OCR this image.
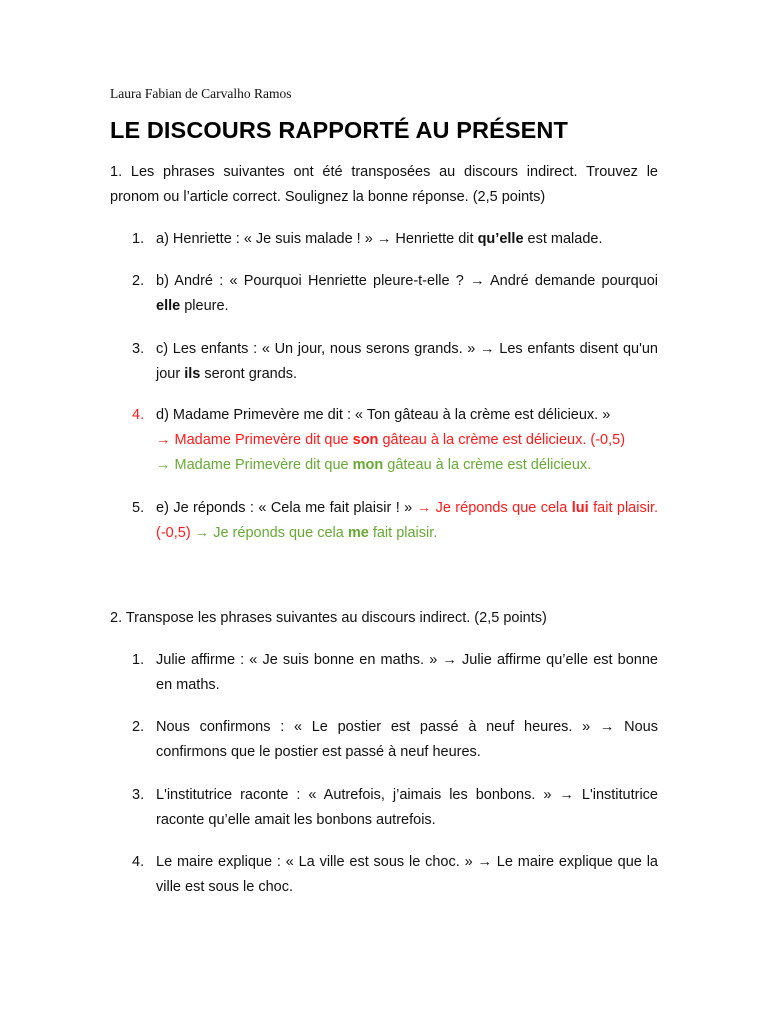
Laura Fabian de Carvalho Ramos
LE DISCOURS RAPPORTÉ AU PRÉSENT

1. Les phrases suivantes ont été transposées au discours indirect. Trouvez le pronom ou l’article correct. Soulignez la bonne réponse. (2,5 points)

1. a) Henriette : « Je suis malade ! » → Henriette dit qu’elle est malade.
2. b) André : « Pourquoi Henriette pleure-t-elle ? → André demande pourquoi elle pleure.
3. c) Les enfants : « Un jour, nous serons grands. » → Les enfants disent qu'un jour ils seront grands.
4. d) Madame Primevère me dit : « Ton gâteau à la crème est délicieux. »
→ Madame Primevère dit que son gâteau à la crème est délicieux. (-0,5)
→ Madame Primevère dit que mon gâteau à la crème est délicieux.
5. e) Je réponds : « Cela me fait plaisir ! » → Je réponds que cela lui fait plaisir. (-0,5) → Je réponds que cela me fait plaisir.

2. Transpose les phrases suivantes au discours indirect. (2,5 points)

1. Julie affirme : « Je suis bonne en maths. » → Julie affirme qu’elle est bonne en maths.
2. Nous confirmons : « Le postier est passé à neuf heures. » → Nous confirmons que le postier est passé à neuf heures.
3. L'institutrice raconte : « Autrefois, j’aimais les bonbons. » → L'institutrice raconte qu’elle amait les bonbons autrefois.
4. Le maire explique : « La ville est sous le choc. » → Le maire explique que la ville est sous le choc.
